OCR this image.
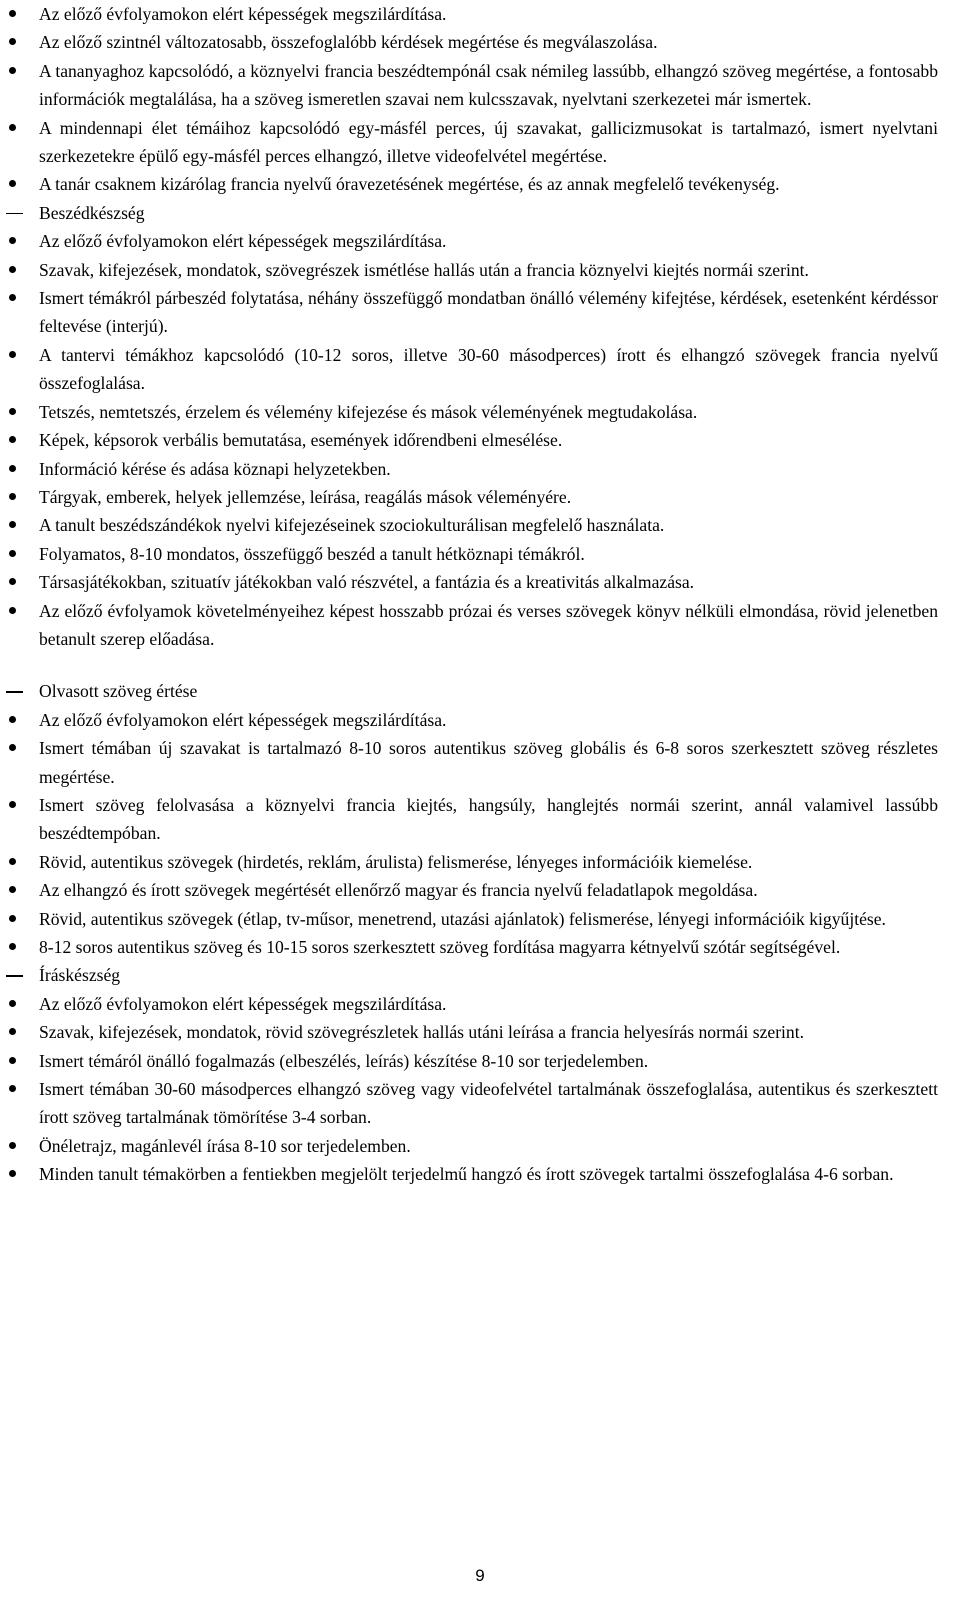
Az előző évfolyamokon elért képességek megszilárdítása.
Az előző szintnél változatosabb, összefoglalóbb kérdések megértése és megválaszolása.
A tananyaghoz kapcsolódó, a köznyelvi francia beszédtempónál csak némileg lassúbb, elhangzó szöveg megértése, a fontosabb információk megtalálása, ha a szöveg ismeretlen szavai nem kulcsszavak, nyelvtani szerkezetei már ismertek.
A mindennapi élet témáihoz kapcsolódó egy-másfél perces, új szavakat, gallicizmusokat is tartalmazó, ismert nyelvtani szerkezetekre épülő egy-másfél perces elhangzó, illetve videofelvétel megértése.
A tanár csaknem kizárólag francia nyelvű óravezetésének megértése, és az annak megfelelő tevékenység.
Beszédkészség
Az előző évfolyamokon elért képességek megszilárdítása.
Szavak, kifejezések, mondatok, szövegrészek ismétlése hallás után a francia köznyelvi kiejtés normái szerint.
Ismert témákról párbeszéd folytatása, néhány összefüggő mondatban önálló vélemény kifejtése, kérdések, esetenként kérdéssor feltevése (interjú).
A tantervi témákhoz kapcsolódó (10-12 soros, illetve 30-60 másodperces) írott és elhangzó szövegek francia nyelvű összefoglalása.
Tetszés, nemtetszés, érzelem és vélemény kifejezése és mások véleményének megtudakolása.
Képek, képsorok verbális bemutatása, események időrendbeni elmesélése.
Információ kérése és adása köznapi helyzetekben.
Tárgyak, emberek, helyek jellemzése, leírása, reagálás mások véleményére.
A tanult beszédszándékok nyelvi kifejezéseinek szociokulturálisan megfelelő használata.
Folyamatos, 8-10 mondatos, összefüggő beszéd a tanult hétköznapi témákról.
Társasjátékokban, szituatív játékokban való részvétel, a fantázia és a kreativitás alkalmazása.
Az előző évfolyamok követelményeihez képest hosszabb prózai és verses szövegek könyv nélküli elmondása, rövid jelenetben betanult szerep előadása.
Olvasott szöveg értése
Az előző évfolyamokon elért képességek megszilárdítása.
Ismert témában új szavakat is tartalmazó 8-10 soros autentikus szöveg globális és 6-8 soros szerkesztett szöveg részletes megértése.
Ismert szöveg felolvasása a köznyelvi francia kiejtés, hangsúly, hanglejtés normái szerint, annál valamivel lassúbb beszédtempóban.
Rövid, autentikus szövegek (hirdetés, reklám, árulista) felismerése, lényeges információik kiemelése.
Az elhangzó és írott szövegek megértését ellenőrző magyar és francia nyelvű feladatlapok megoldása.
Rövid, autentikus szövegek (étlap, tv-műsor, menetrend, utazási ajánlatok) felismerése, lényegi információik kigyűjtése.
8-12 soros autentikus szöveg és 10-15 soros szerkesztett szöveg fordítása magyarra kétnyelvű szótár segítségével.
Íráskészség
Az előző évfolyamokon elért képességek megszilárdítása.
Szavak, kifejezések, mondatok, rövid szövegrészletek hallás utáni leírása a francia helyesírás normái szerint.
Ismert témáról önálló fogalmazás (elbeszélés, leírás) készítése 8-10 sor terjedelemben.
Ismert témában 30-60 másodperces elhangzó szöveg vagy videofelvétel tartalmának összefoglalása, autentikus és szerkesztett írott szöveg tartalmának tömörítése 3-4 sorban.
Önéletrajz, magánlevél írása 8-10 sor terjedelemben.
Minden tanult témakörben a fentiekben megjelölt terjedelmű hangzó és írott szövegek tartalmi összefoglalása 4-6 sorban.
9
